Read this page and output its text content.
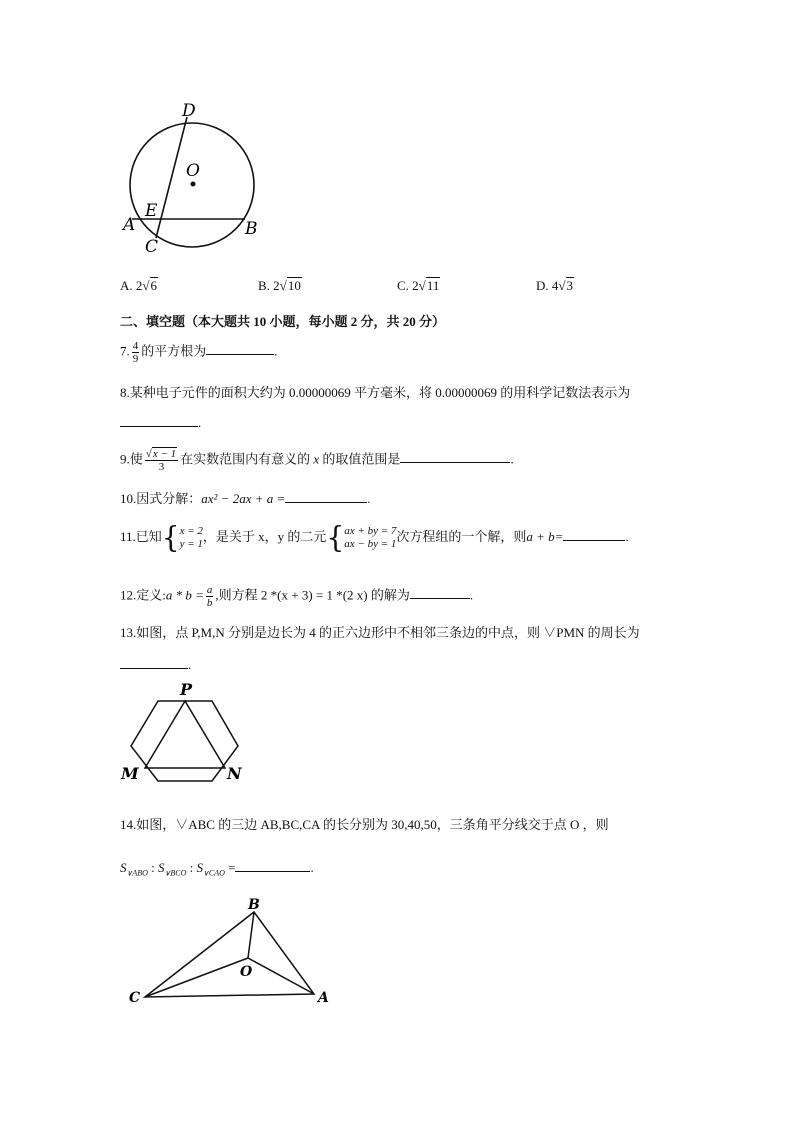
D
O
E
A	B
C
A. 2√6	B. 2√10	C. 2√11	D. 4√3
二、填空题（本大题共 10 小题，每小题 2 分，共 20 分）
7. $\frac{4}{9}$ 的平方根为	.
8.某种电子元件的面积大约为 0.00000069 平方毫米，将 0.00000069 的用科学记数法表示为
.
9.使 $\frac{√x - 1}{3}$ 在实数范围内有意义的 x 的取值范围是	.
10.因式分解：ax² − 2ax + a =	.
11.已知 { x = 2
y = 1
，是关于 x，y 的二元 { ax + by = 7
ax − by = 1
次方程组的一个解，则a + b=	.
12.定义:a * $b = \frac{a}{b}$ ,则方程 2 *(x + 3) = 1 *(2 x) 的解为	.
13.如图，点 P,M,N 分别是边长为 4 的正六边形中不相邻三条边的中点，则 ∨PMN 的周长为
.
P
M	N
14.如图，∨ABC 的三边 AB,BC,CA 的长分别为 30,40,50，三条角平分线交于点 O ，则
$S_{\vee ABO}$ : $S_{\vee BCO}$ : $S_{\vee CAO}$ =	.
B
O
C	A
